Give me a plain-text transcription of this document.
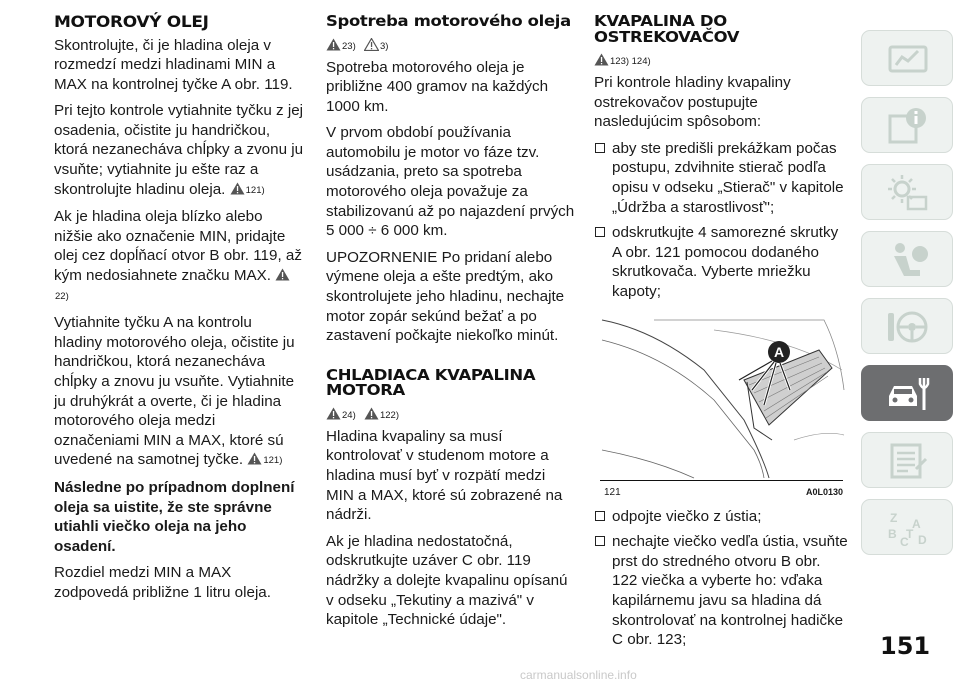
MOTOROVÝ OLEJ

Skontrolujte, či je hladina oleja v rozmedzí medzi hladinami MIN a MAX na kontrolnej tyčke A obr. 119.

Pri tejto kontrole vytiahnite tyčku z jej osadenia, očistite ju handričkou, ktorá nezanecháva chĺpky a zvonu ju vsuňte; vytiahnite ju ešte raz a skontrolujte hladinu oleja. 121)

Ak je hladina oleja blízko alebo nižšie ako označenie MIN, pridajte olej cez dopĺňací otvor B obr. 119, až kým nedosiahnete značku MAX. 22)

Vytiahnite tyčku A na kontrolu hladiny motorového oleja, očistite ju handričkou, ktorá nezanecháva chĺpky a znovu ju vsuňte. Vytiahnite ju druhýkrát a overte, či je hladina motorového oleja medzi označeniami MIN a MAX, ktoré sú uvedené na samotnej tyčke. 121)

Následne po prípadnom doplnení oleja sa uistite, že ste správne utiahli viečko oleja na jeho osadení.

Rozdiel medzi MIN a MAX zodpovedá približne 1 litru oleja.

Spotreba motorového oleja
23)	3)

Spotreba motorového oleja je približne 400 gramov na každých 1000 km.

V prvom období používania automobilu je motor vo fáze tzv. usádzania, preto sa spotreba motorového oleja považuje za stabilizovanú až po najazdení prvých 5 000 ÷ 6 000 km.

UPOZORNENIE Po pridaní alebo výmene oleja a ešte predtým, ako skontrolujete jeho hladinu, nechajte motor zopár sekúnd bežať a po zastavení počkajte niekoľko minút.

CHLADIACA KVAPALINA MOTORA
24)	122)

Hladina kvapaliny sa musí kontrolovať v studenom motore a hladina musí byť v rozpätí medzi MIN a MAX, ktoré sú zobrazené na nádrži.

Ak je hladina nedostatočná, odskrutkujte uzáver C obr. 119 nádržky a dolejte kvapalinu opísanú v odseku „Tekutiny a mazivá" v kapitole „Technické údaje".

KVAPALINA DO OSTREKOVAČOV
123) 124)

Pri kontrole hladiny kvapaliny ostrekovačov postupujte nasledujúcim spôsobom:

aby ste predišli prekážkam počas postupu, zdvihnite stierač podľa opisu v odseku „Stierač" v kapitole „Údržba a starostlivosť";
odskrutkujte 4 samorezné skrutky A obr. 121 pomocou dodaného skrutkovača. Vyberte mriežku kapoty;
A
121	A0L0130
odpojte viečko z ústia;
nechajte viečko vedľa ústia, vsuňte prst do stredného otvoru B obr. 122 viečka a vyberte ho: vďaka kapilárnemu javu sa hladina dá skontrolovať na kontrolnej hadičke C obr. 123;
Z A
B
C
T D
151
carmanualsonline.info
